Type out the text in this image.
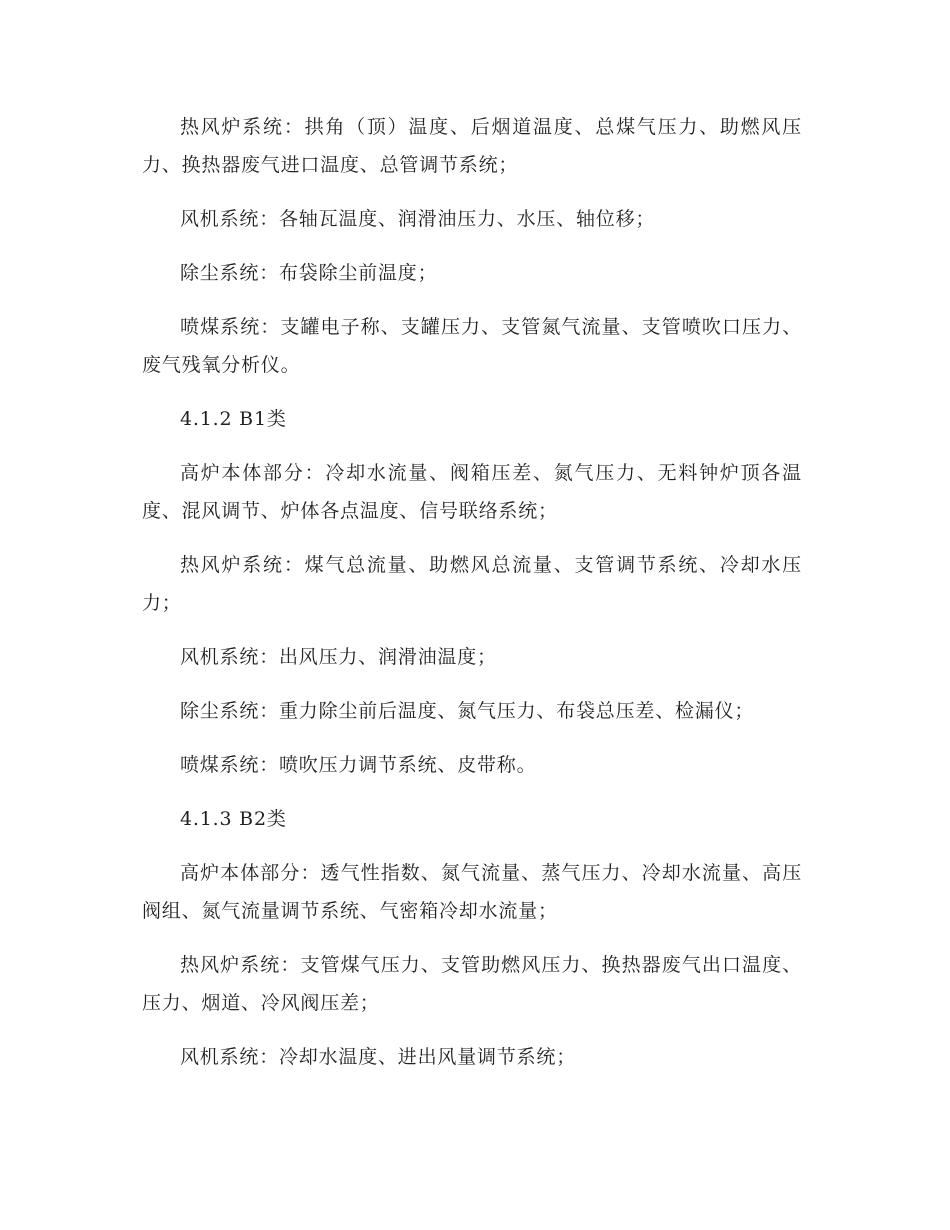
热风炉系统：拱角（顶）温度、后烟道温度、总煤气压力、助燃风压力、换热器废气进口温度、总管调节系统；

风机系统：各轴瓦温度、润滑油压力、水压、轴位移；

除尘系统：布袋除尘前温度；

喷煤系统：支罐电子称、支罐压力、支管氮气流量、支管喷吹口压力、 废气残氧分析仪。

4.1.2 B1类

高炉本体部分：冷却水流量、阀箱压差、氮气压力、无料钟炉顶各温度、混风调节、炉体各点温度、信号联络系统；

热风炉系统：煤气总流量、助燃风总流量、支管调节系统、冷却水压力；

风机系统：出风压力、润滑油温度；

除尘系统：重力除尘前后温度、氮气压力、布袋总压差、检漏仪；

喷煤系统：喷吹压力调节系统、皮带称。

4.1.3 B2类

高炉本体部分：透气性指数、氮气流量、蒸气压力、冷却水流量、高压阀组、氮气流量调节系统、气密箱冷却水流量；

热风炉系统：支管煤气压力、支管助燃风压力、换热器废气出口温度、压力、烟道、冷风阀压差；

风机系统：冷却水温度、进出风量调节系统；
